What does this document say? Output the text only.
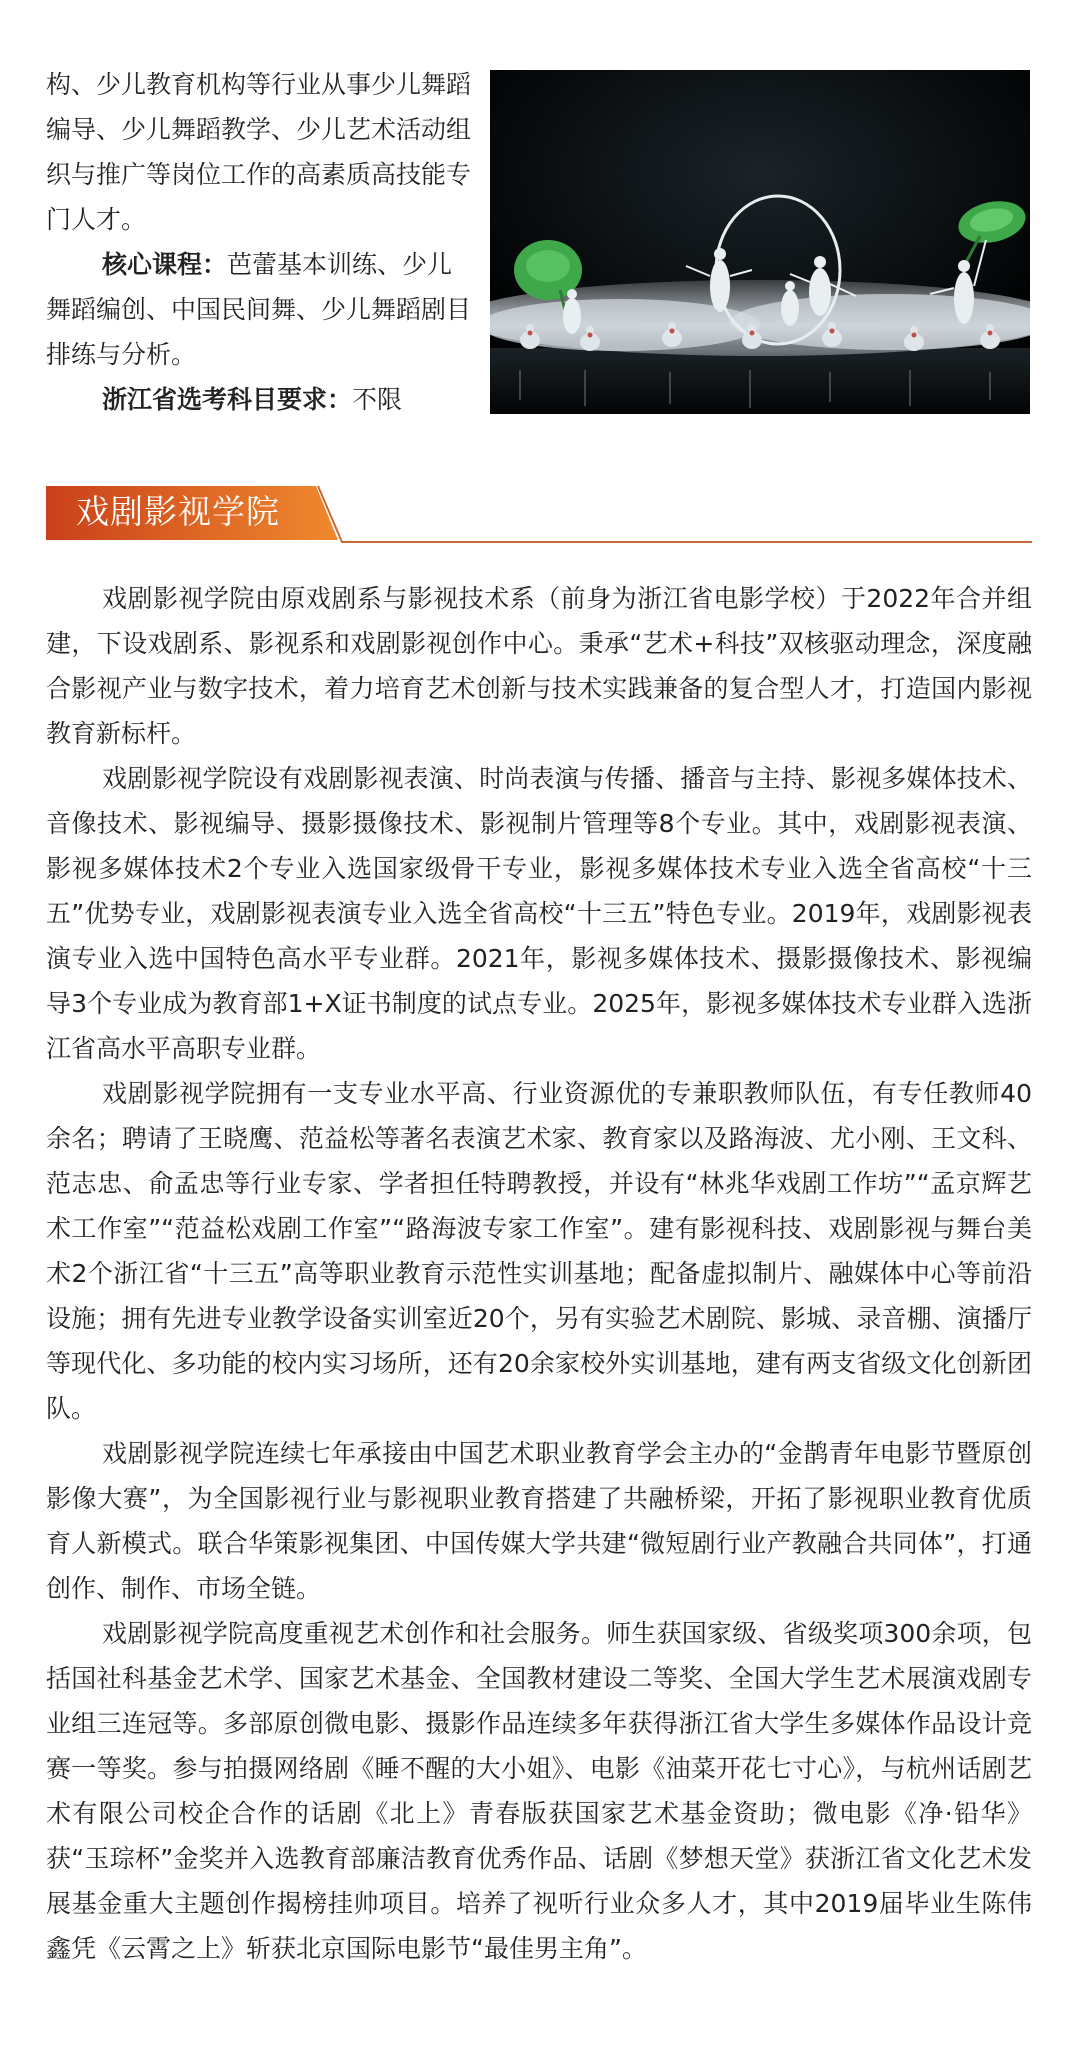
构、少儿教育机构等行业从事少儿舞蹈编导、少儿舞蹈教学、少儿艺术活动组织与推广等岗位工作的高素质高技能专门人才。

核心课程：芭蕾基本训练、少儿舞蹈编创、中国民间舞、少儿舞蹈剧目排练与分析。

浙江省选考科目要求：不限

戏剧影视学院

戏剧影视学院由原戏剧系与影视技术系（前身为浙江省电影学校）于2022年合并组建，下设戏剧系、影视系和戏剧影视创作中心。秉承“艺术+科技”双核驱动理念，深度融合影视产业与数字技术，着力培育艺术创新与技术实践兼备的复合型人才，打造国内影视教育新标杆。

戏剧影视学院设有戏剧影视表演、时尚表演与传播、播音与主持、影视多媒体技术、音像技术、影视编导、摄影摄像技术、影视制片管理等8个专业。其中，戏剧影视表演、影视多媒体技术2个专业入选国家级骨干专业，影视多媒体技术专业入选全省高校“十三五”优势专业，戏剧影视表演专业入选全省高校“十三五”特色专业。2019年，戏剧影视表演专业入选中国特色高水平专业群。2021年，影视多媒体技术、摄影摄像技术、影视编导3个专业成为教育部1+X证书制度的试点专业。2025年，影视多媒体技术专业群入选浙江省高水平高职专业群。

戏剧影视学院拥有一支专业水平高、行业资源优的专兼职教师队伍，有专任教师40余名；聘请了王晓鹰、范益松等著名表演艺术家、教育家以及路海波、尤小刚、王文科、范志忠、俞孟忠等行业专家、学者担任特聘教授，并设有“林兆华戏剧工作坊”“孟京辉艺术工作室”“范益松戏剧工作室”“路海波专家工作室”。建有影视科技、戏剧影视与舞台美术2个浙江省“十三五”高等职业教育示范性实训基地；配备虚拟制片、融媒体中心等前沿设施；拥有先进专业教学设备实训室近20个，另有实验艺术剧院、影城、录音棚、演播厅等现代化、多功能的校内实习场所，还有20余家校外实训基地，建有两支省级文化创新团队。

戏剧影视学院连续七年承接由中国艺术职业教育学会主办的“金鹊青年电影节暨原创影像大赛”，为全国影视行业与影视职业教育搭建了共融桥梁，开拓了影视职业教育优质育人新模式。联合华策影视集团、中国传媒大学共建“微短剧行业产教融合共同体”，打通创作、制作、市场全链。

戏剧影视学院高度重视艺术创作和社会服务。师生获国家级、省级奖项300余项，包括国社科基金艺术学、国家艺术基金、全国教材建设二等奖、全国大学生艺术展演戏剧专业组三连冠等。多部原创微电影、摄影作品连续多年获得浙江省大学生多媒体作品设计竞赛一等奖。参与拍摄网络剧《睡不醒的大小姐》、电影《油菜开花七寸心》，与杭州话剧艺术有限公司校企合作的话剧《北上》青春版获国家艺术基金资助；微电影《净·铅华》获“玉琮杯”金奖并入选教育部廉洁教育优秀作品、话剧《梦想天堂》获浙江省文化艺术发展基金重大主题创作揭榜挂帅项目。培养了视听行业众多人才，其中2019届毕业生陈伟鑫凭《云霄之上》斩获北京国际电影节“最佳男主角”。
